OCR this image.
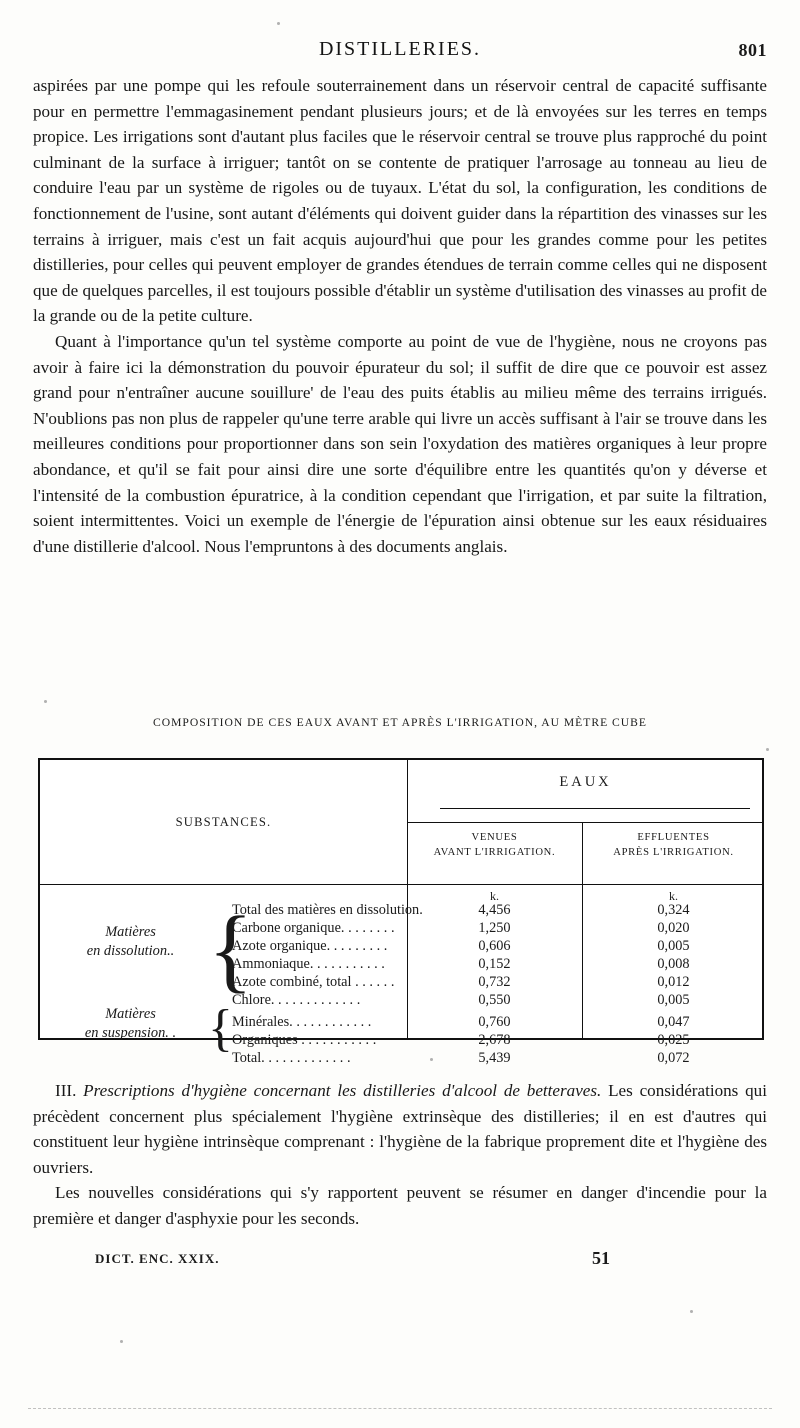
DISTILLERIES.	801

aspirées par une pompe qui les refoule souterrainement dans un réservoir central de capacité suffisante pour en permettre l'emmagasinement pendant plusieurs jours; et de là envoyées sur les terres en temps propice. Les irrigations sont d'autant plus faciles que le réservoir central se trouve plus rapproché du point culminant de la surface à irriguer; tantôt on se contente de pratiquer l'arrosage au tonneau au lieu de conduire l'eau par un système de rigoles ou de tuyaux. L'état du sol, la configuration, les conditions de fonctionnement de l'usine, sont autant d'éléments qui doivent guider dans la répartition des vinasses sur les terrains à irriguer, mais c'est un fait acquis aujourd'hui que pour les grandes comme pour les petites distilleries, pour celles qui peuvent employer de grandes étendues de terrain comme celles qui ne disposent que de quelques parcelles, il est toujours possible d'établir un système d'utilisation des vinasses au profit de la grande ou de la petite culture.

Quant à l'importance qu'un tel système comporte au point de vue de l'hygiène, nous ne croyons pas avoir à faire ici la démonstration du pouvoir épurateur du sol; il suffit de dire que ce pouvoir est assez grand pour n'entraîner aucune souillure' de l'eau des puits établis au milieu même des terrains irrigués. N'oublions pas non plus de rappeler qu'une terre arable qui livre un accès suffisant à l'air se trouve dans les meilleures conditions pour proportionner dans son sein l'oxydation des matières organiques à leur propre abondance, et qu'il se fait pour ainsi dire une sorte d'équilibre entre les quantités qu'on y déverse et l'intensité de la combustion épuratrice, à la condition cependant que l'irrigation, et par suite la filtration, soient intermittentes. Voici un exemple de l'énergie de l'épuration ainsi obtenue sur les eaux résiduaires d'une distillerie d'alcool. Nous l'empruntons à des documents anglais.

COMPOSITION DE CES EAUX AVANT ET APRÈS L'IRRIGATION, AU MÈTRE CUBE
SUBSTANCES.
EAUX
VENUES
AVANT L'IRRIGATION.
EFFLUENTES
APRÈS L'IRRIGATION.
k.	k.
Matières
en dissolution.. {
Total des matières en dissolution.	4,456	0,324
Carbone organique. . . . . . . .	1,250	0,020
Azote organique. . . . . . . . .	0,606	0,005
Ammoniaque. . . . . . . . . . .	0,152	0,008
Azote combiné, total . . . . . .	0,732	0,012
Chlore. . . . . . . . . . . . .	0,550	0,005
Matières
en suspension. . { Minérales. . . . . . . . . . . .	0,760	0,047
Organiques . . . . . . . . . . .	2,678	0,025
Total. . . . . . . . . . . . .	5,439	0,072

III. Prescriptions d'hygiène concernant les distilleries d'alcool de betteraves. Les considérations qui précèdent concernent plus spécialement l'hygiène extrinsèque des distilleries; il en est d'autres qui constituent leur hygiène intrinsèque comprenant : l'hygiène de la fabrique proprement dite et l'hygiène des ouvriers.

Les nouvelles considérations qui s'y rapportent peuvent se résumer en danger d'incendie pour la première et danger d'asphyxie pour les seconds.

DICT. ENC. XXIX.	51
